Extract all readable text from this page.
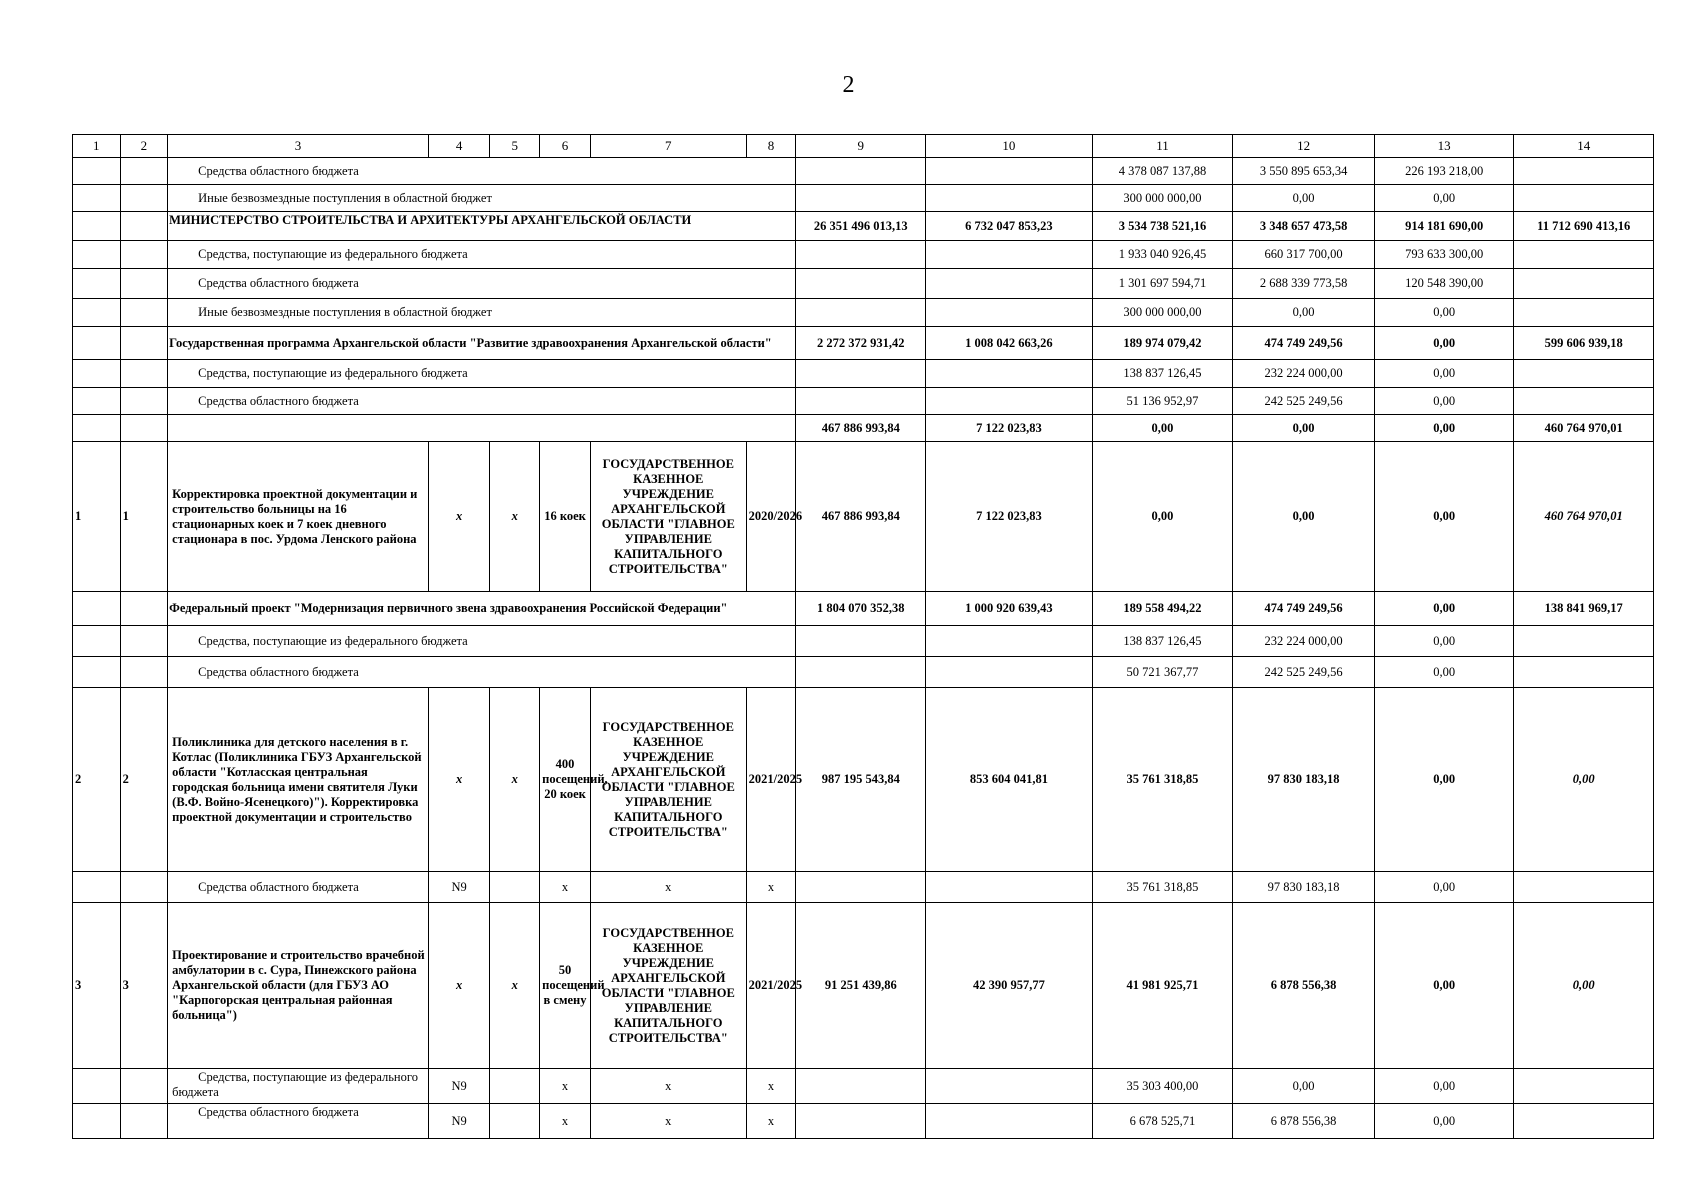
2
1	2	3	4	5	6	7	8	9	10	11	12	13	14
		Средства областного бюджета								4 378 087 137,88	3 550 895 653,34	226 193 218,00	
		Иные безвозмездные поступления в областной бюджет								300 000 000,00	0,00	0,00	
		МИНИСТЕРСТВО СТРОИТЕЛЬСТВА И АРХИТЕКТУРЫ АРХАНГЕЛЬСКОЙ ОБЛАСТИ						26 351 496 013,13	6 732 047 853,23	3 534 738 521,16	3 348 657 473,58	914 181 690,00	11 712 690 413,16
		Средства, поступающие из федерального бюджета								1 933 040 926,45	660 317 700,00	793 633 300,00	
		Средства областного бюджета								1 301 697 594,71	2 688 339 773,58	120 548 390,00	
		Иные безвозмездные поступления в областной бюджет								300 000 000,00	0,00	0,00	
		Государственная программа Архангельской области "Развитие здравоохранения Архангельской области"						2 272 372 931,42	1 008 042 663,26	189 974 079,42	474 749 249,56	0,00	599 606 939,18
		Средства, поступающие из федерального бюджета								138 837 126,45	232 224 000,00	0,00	
		Средства областного бюджета								51 136 952,97	242 525 249,56	0,00	
								467 886 993,84	7 122 023,83	0,00	0,00	0,00	460 764 970,01
1	1	Корректировка проектной документации и строительство больницы на 16 стационарных коек и 7 коек дневного стационара в пос. Урдома Ленского района	x	x	16 коек	ГОСУДАРСТВЕННОЕ КАЗЕННОЕ УЧРЕЖДЕНИЕ АРХАНГЕЛЬСКОЙ ОБЛАСТИ "ГЛАВНОЕ УПРАВЛЕНИЕ КАПИТАЛЬНОГО СТРОИТЕЛЬСТВА"	2020/2026	467 886 993,84	7 122 023,83	0,00	0,00	0,00	460 764 970,01
		Федеральный проект "Модернизация первичного звена здравоохранения Российской Федерации"						1 804 070 352,38	1 000 920 639,43	189 558 494,22	474 749 249,56	0,00	138 841 969,17
		Средства, поступающие из федерального бюджета								138 837 126,45	232 224 000,00	0,00	
		Средства областного бюджета								50 721 367,77	242 525 249,56	0,00	
2	2	Поликлиника для детского населения в г. Котлас (Поликлиника ГБУЗ Архангельской области "Котласская центральная городская больница имени святителя Луки (В.Ф. Войно-Ясенецкого)"). Корректировка проектной документации и строительство	x	x	400 посещений, 20 коек	ГОСУДАРСТВЕННОЕ КАЗЕННОЕ УЧРЕЖДЕНИЕ АРХАНГЕЛЬСКОЙ ОБЛАСТИ "ГЛАВНОЕ УПРАВЛЕНИЕ КАПИТАЛЬНОГО СТРОИТЕЛЬСТВА"	2021/2025	987 195 543,84	853 604 041,81	35 761 318,85	97 830 183,18	0,00	0,00
		Средства областного бюджета	N9		x	x	x			35 761 318,85	97 830 183,18	0,00	
3	3	Проектирование и строительство врачебной амбулатории в с. Сура, Пинежского района Архангельской области (для ГБУЗ АО "Карпогорская центральная районная больница")	x	x	50 посещений в смену	ГОСУДАРСТВЕННОЕ КАЗЕННОЕ УЧРЕЖДЕНИЕ АРХАНГЕЛЬСКОЙ ОБЛАСТИ "ГЛАВНОЕ УПРАВЛЕНИЕ КАПИТАЛЬНОГО СТРОИТЕЛЬСТВА"	2021/2025	91 251 439,86	42 390 957,77	41 981 925,71	6 878 556,38	0,00	0,00
		Средства, поступающие из федерального бюджета	N9		x	x	x			35 303 400,00	0,00	0,00	
		Средства областного бюджета	N9		x	x	x			6 678 525,71	6 878 556,38	0,00	
